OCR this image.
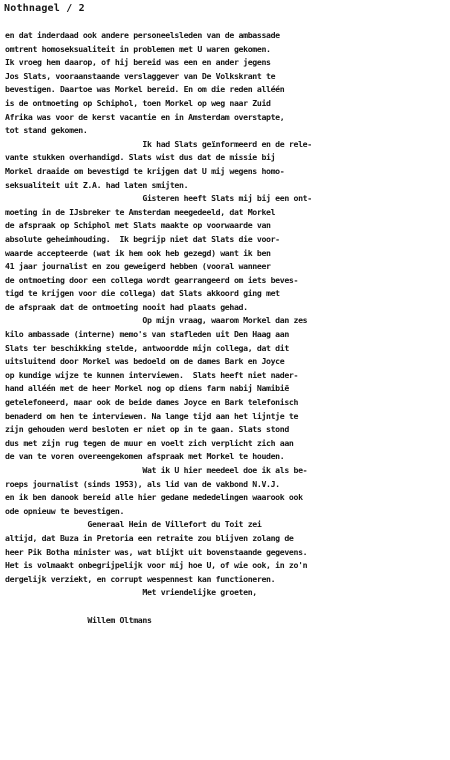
Nothnagel / 2
en dat inderdaad ook andere personeelsleden van de ambassade
omtrent homoseksualiteit in problemen met U waren gekomen.
Ik vroeg hem daarop, of hij bereid was een en ander jegens
Jos Slats, vooraanstaande verslaggever van De Volkskrant te
bevestigen. Daartoe was Morkel bereid. En om die reden alléén
is de ontmoeting op Schiphol, toen Morkel op weg naar Zuid
Afrika was voor de kerst vacantie en in Amsterdam overstapte,
tot stand gekomen.
Ik had Slats geïnformeerd en de rele-
vante stukken overhandigd. Slats wist dus dat de missie bij
Morkel draaide om bevestigd te krijgen dat U mij wegens homo-
seksualiteit uit Z.A. had laten smijten.
Gisteren heeft Slats mij bij een ont-
moeting in de IJsbreker te Amsterdam meegedeeld, dat Morkel
de afspraak op Schiphol met Slats maakte op voorwaarde van
absolute geheimhouding.  Ik begrijp niet dat Slats die voor-
waarde accepteerde (wat ik hem ook heb gezegd) want ik ben
41 jaar journalist en zou geweigerd hebben (vooral wanneer
de ontmoeting door een collega wordt gearrangeerd om iets beves-
tigd te krijgen voor die collega) dat Slats akkoord ging met
de afspraak dat de ontmoeting nooit had plaats gehad.
Op mijn vraag, waarom Morkel dan zes
kilo ambassade (interne) memo's van stafleden uit Den Haag aan
Slats ter beschikking stelde, antwoordde mijn collega, dat dit
uitsluitend door Morkel was bedoeld om de dames Bark en Joyce
op kundige wijze te kunnen interviewen.  Slats heeft niet nader-
hand alléén met de heer Morkel nog op diens farm nabij Namibië
getelefoneerd, maar ook de beide dames Joyce en Bark telefonisch
benaderd om hen te interviewen. Na lange tijd aan het lijntje te
zijn gehouden werd besloten er niet op in te gaan. Slats stond
dus met zijn rug tegen de muur en voelt zich verplicht zich aan
de van te voren overeengekomen afspraak met Morkel te houden.
Wat ik U hier meedeel doe ik als be-
roeps journalist (sinds 1953), als lid van de vakbond N.V.J.
en ik ben danook bereid alle hier gedane mededelingen waarook ook
ode opnieuw te bevestigen.
Generaal Hein de Villefort du Toit zei
altijd, dat Buza in Pretoria een retraite zou blijven zolang de
heer Pik Botha minister was, wat blijkt uit bovenstaande gegevens.
Het is volmaakt onbegrijpelijk voor mij hoe U, of wie ook, in zo'n
dergelijk verziekt, en corrupt wespennest kan functioneren.
Met vriendelijke groeten,
Willem Oltmans
